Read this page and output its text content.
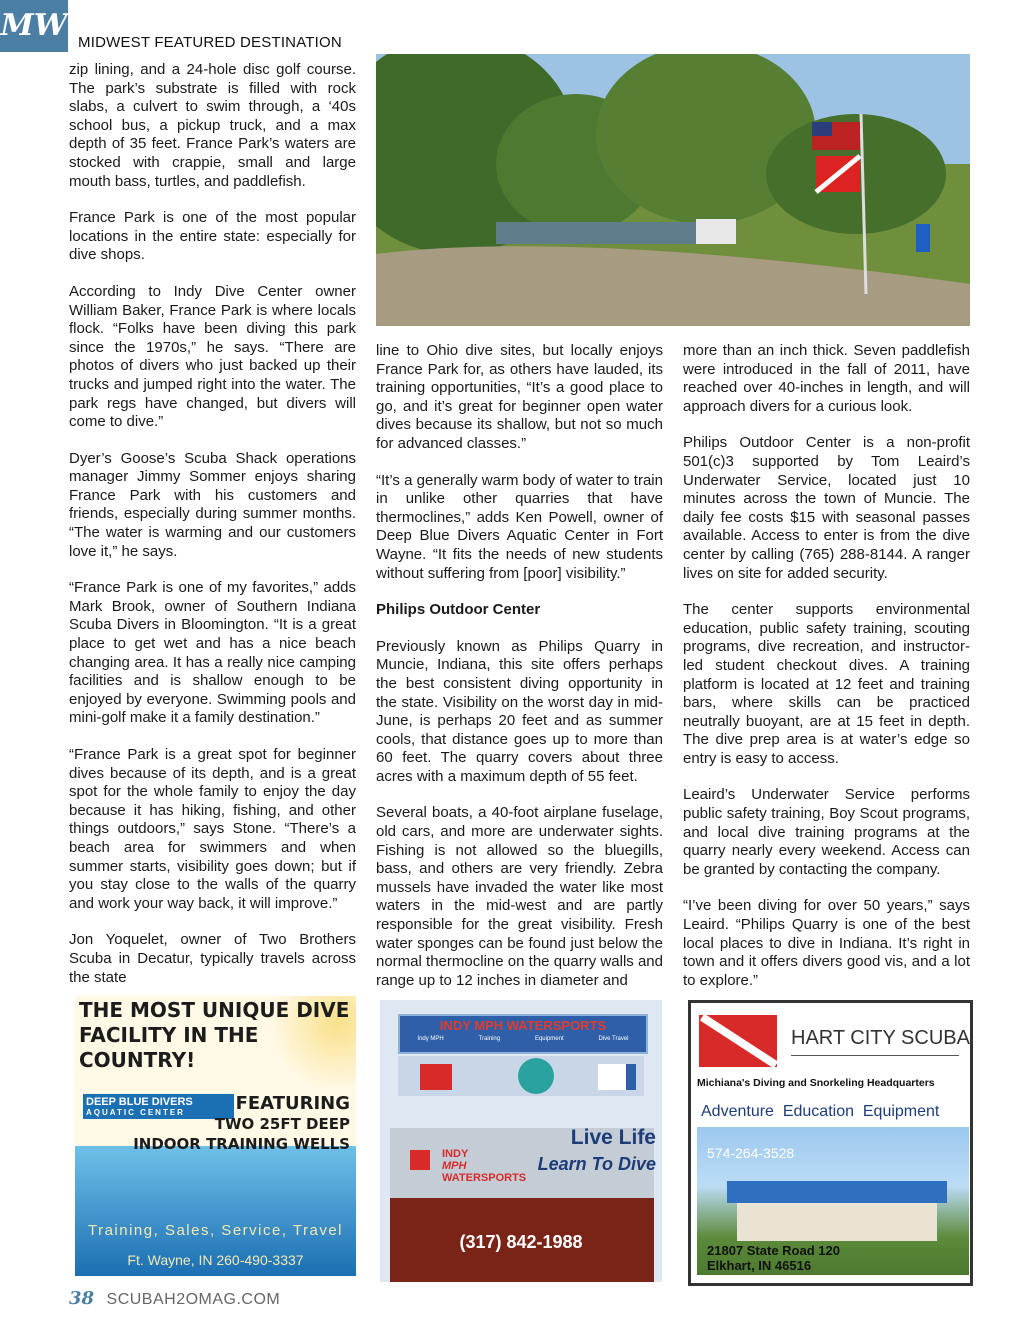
MW MIDWEST FEATURED DESTINATION

zip lining, and a 24-hole disc golf course. The park’s substrate is filled with rock slabs, a culvert to swim through, a ‘40s school bus, a pickup truck, and a max depth of 35 feet. France Park’s waters are stocked with crappie, small and large mouth bass, turtles, and paddlefish.

France Park is one of the most popular locations in the entire state: especially for dive shops.

According to Indy Dive Center owner William Baker, France Park is where locals flock. “Folks have been diving this park since the 1970s,” he says. “There are photos of divers who just backed up their trucks and jumped right into the water. The park regs have changed, but divers will come to dive.”

Dyer’s Goose’s Scuba Shack operations manager Jimmy Sommer enjoys sharing France Park with his customers and friends, especially during summer months. “The water is warming and our customers love it,” he says.

“France Park is one of my favorites,” adds Mark Brook, owner of Southern Indiana Scuba Divers in Bloomington. “It is a great place to get wet and has a nice beach changing area. It has a really nice camping facilities and is shallow enough to be enjoyed by everyone. Swimming pools and mini-golf make it a family destination.”

“France Park is a great spot for beginner dives because of its depth, and is a great spot for the whole family to enjoy the day because it has hiking, fishing, and other things outdoors,” says Stone. “There’s a beach area for swimmers and when summer starts, visibility goes down; but if you stay close to the walls of the quarry and work your way back, it will improve.”

Jon Yoquelet, owner of Two Brothers Scuba in Decatur, typically travels across the state

line to Ohio dive sites, but locally enjoys France Park for, as others have lauded, its training opportunities, “It’s a good place to go, and it’s great for beginner open water dives because its shallow, but not so much for advanced classes.”

“It’s a generally warm body of water to train in unlike other quarries that have thermoclines,” adds Ken Powell, owner of Deep Blue Divers Aquatic Center in Fort Wayne. “It fits the needs of new students without suffering from [poor] visibility.”

Philips Outdoor Center

Previously known as Philips Quarry in Muncie, Indiana, this site offers perhaps the best consistent diving opportunity in the state. Visibility on the worst day in mid-June, is perhaps 20 feet and as summer cools, that distance goes up to more than 60 feet. The quarry covers about three acres with a maximum depth of 55 feet.

Several boats, a 40-foot airplane fuselage, old cars, and more are underwater sights. Fishing is not allowed so the bluegills, bass, and others are very friendly. Zebra mussels have invaded the water like most waters in the mid-west and are partly responsible for the great visibility. Fresh water sponges can be found just below the normal thermocline on the quarry walls and range up to 12 inches in diameter and

more than an inch thick. Seven paddlefish were introduced in the fall of 2011, have reached over 40-inches in length, and will approach divers for a curious look.

Philips Outdoor Center is a non-profit 501(c)3 supported by Tom Leaird’s Underwater Service, located just 10 minutes across the town of Muncie. The daily fee costs $15 with seasonal passes available. Access to enter is from the dive center by calling (765) 288-8144. A ranger lives on site for added security.

The center supports environmental education, public safety training, scouting programs, dive recreation, and instructor-led student checkout dives. A training platform is located at 12 feet and training bars, where skills can be practiced neutrally buoyant, are at 15 feet in depth. The dive prep area is at water’s edge so entry is easy to access.

Leaird’s Underwater Service performs public safety training, Boy Scout programs, and local dive training programs at the quarry nearly every weekend. Access can be granted by contacting the company.

“I’ve been diving for over 50 years,” says Leaird. “Philips Quarry is one of the best local places to dive in Indiana. It’s right in town and it offers divers good vis, and a lot to explore.”

THE MOST UNIQUE DIVE
FACILITY IN THE
COUNTRY!
DEEP BLUE DIVERS
AQUATIC CENTER	FEATURING
TWO 25FT DEEP
INDOOR TRAINING WELLS
Training, Sales, Service, Travel
Ft. Wayne, IN 260-490-3337
INDY MPH WATERSPORTS
Indy MPH	Training	Equipment	Dive Travel
Live Life
Learn To Dive
INDY
MPH
WATERSPORTS
(317) 842-1988
HART CITY SCUBA
Michiana's Diving and Snorkeling Headquarters
Adventure  Education  Equipment
574-264-3528
21807 State Road 120
Elkhart, IN 46516
38 SCUBAH2OMAG.COM
